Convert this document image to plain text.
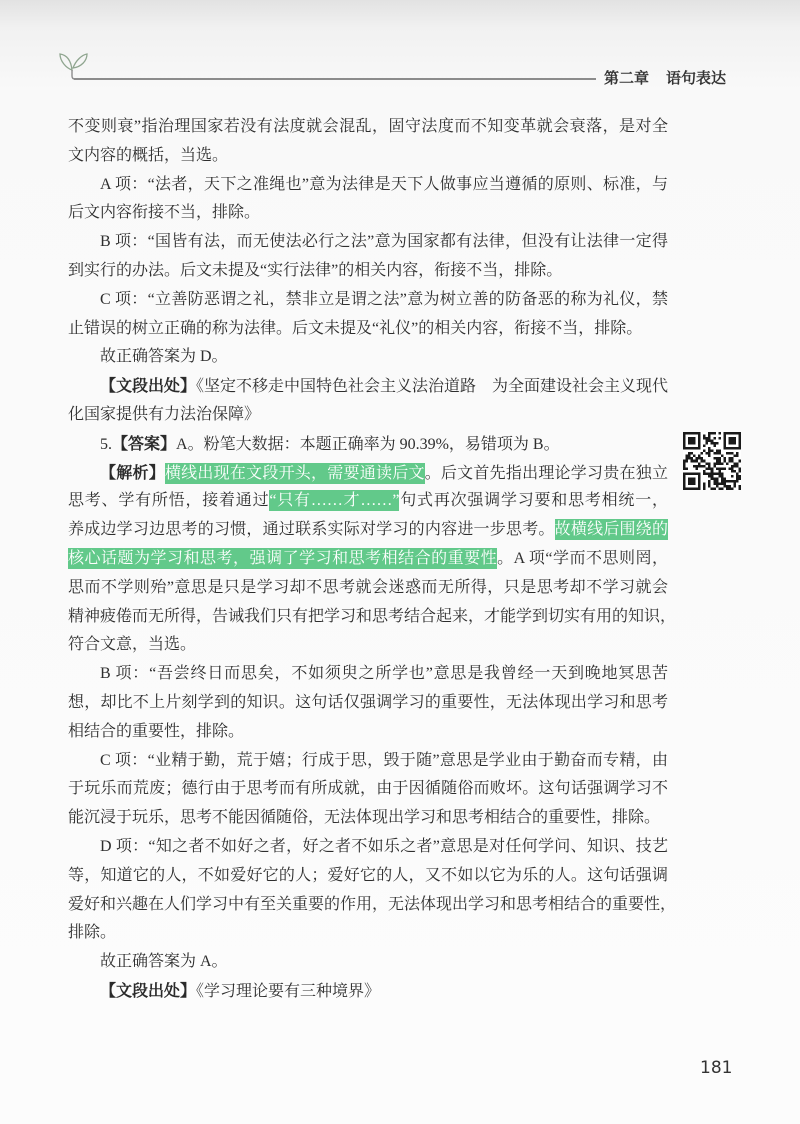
第二章 语句表达
不变则衰”指治理国家若没有法度就会混乱，固守法度而不知变革就会衰落，是对全
文内容的概括，当选。
A 项：“法者，天下之准绳也”意为法律是天下人做事应当遵循的原则、标准，与
后文内容衔接不当，排除。
B 项：“国皆有法，而无使法必行之法”意为国家都有法律，但没有让法律一定得
到实行的办法。后文未提及“实行法律”的相关内容，衔接不当，排除。
C 项：“立善防恶谓之礼，禁非立是谓之法”意为树立善的防备恶的称为礼仪，禁
止错误的树立正确的称为法律。后文未提及“礼仪”的相关内容，衔接不当，排除。
故正确答案为 D。
【文段出处】《坚定不移走中国特色社会主义法治道路　为全面建设社会主义现代
化国家提供有力法治保障》
5.【答案】A。粉笔大数据：本题正确率为 90.39%，易错项为 B。
【解析】横线出现在文段开头，需要通读后文。后文首先指出理论学习贵在独立
思考、学有所悟，接着通过“只有……才……”句式再次强调学习要和思考相统一，
养成边学习边思考的习惯，通过联系实际对学习的内容进一步思考。故横线后围绕的
核心话题为学习和思考，强调了学习和思考相结合的重要性。A 项“学而不思则罔，
思而不学则殆”意思是只是学习却不思考就会迷惑而无所得，只是思考却不学习就会
精神疲倦而无所得，告诫我们只有把学习和思考结合起来，才能学到切实有用的知识，
符合文意，当选。
B 项：“吾尝终日而思矣，不如须臾之所学也”意思是我曾经一天到晚地冥思苦
想，却比不上片刻学到的知识。这句话仅强调学习的重要性，无法体现出学习和思考
相结合的重要性，排除。
C 项：“业精于勤，荒于嬉；行成于思，毁于随”意思是学业由于勤奋而专精，由
于玩乐而荒废；德行由于思考而有所成就，由于因循随俗而败坏。这句话强调学习不
能沉浸于玩乐，思考不能因循随俗，无法体现出学习和思考相结合的重要性，排除。
D 项：“知之者不如好之者，好之者不如乐之者”意思是对任何学问、知识、技艺
等，知道它的人，不如爱好它的人；爱好它的人，又不如以它为乐的人。这句话强调
爱好和兴趣在人们学习中有至关重要的作用，无法体现出学习和思考相结合的重要性，
排除。
故正确答案为 A。
【文段出处】《学习理论要有三种境界》
181
